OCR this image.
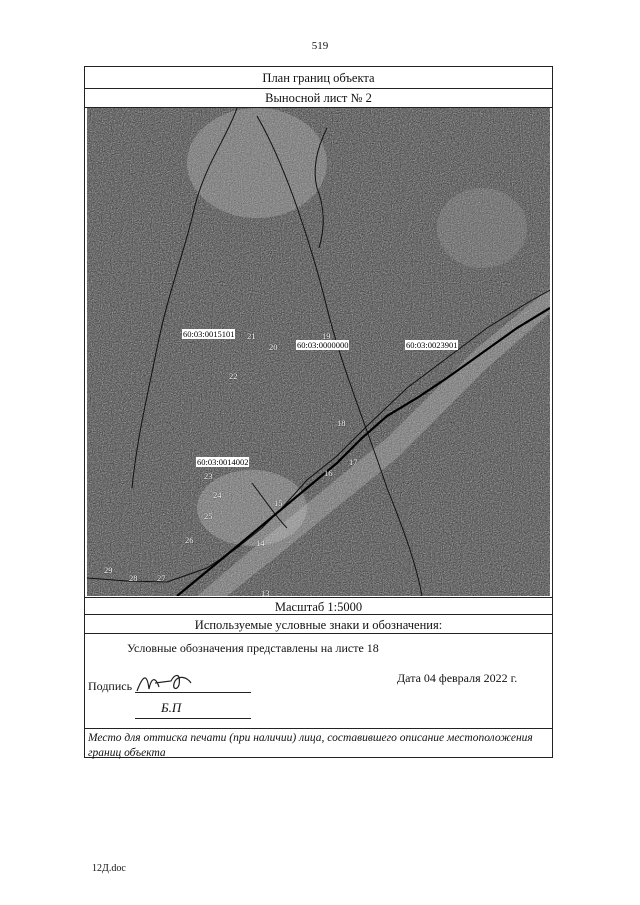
519
План границ объекта
Выносной лист № 2
60:03:0015101
60:03:0000000	60:03:0023901
60:03:0014002
13
14
15
16
17
18
19
20
21
22
23
24
25
26
27
28
29
Масштаб 1:5000
Используемые условные знаки и обозначения:
Условные обозначения представлены на листе 18
Подпись
Б.П
Дата 04 февраля 2022 г.
Место для оттиска печати (при наличии) лица, составившего описание местоположения границ объекта
12Д.doc
